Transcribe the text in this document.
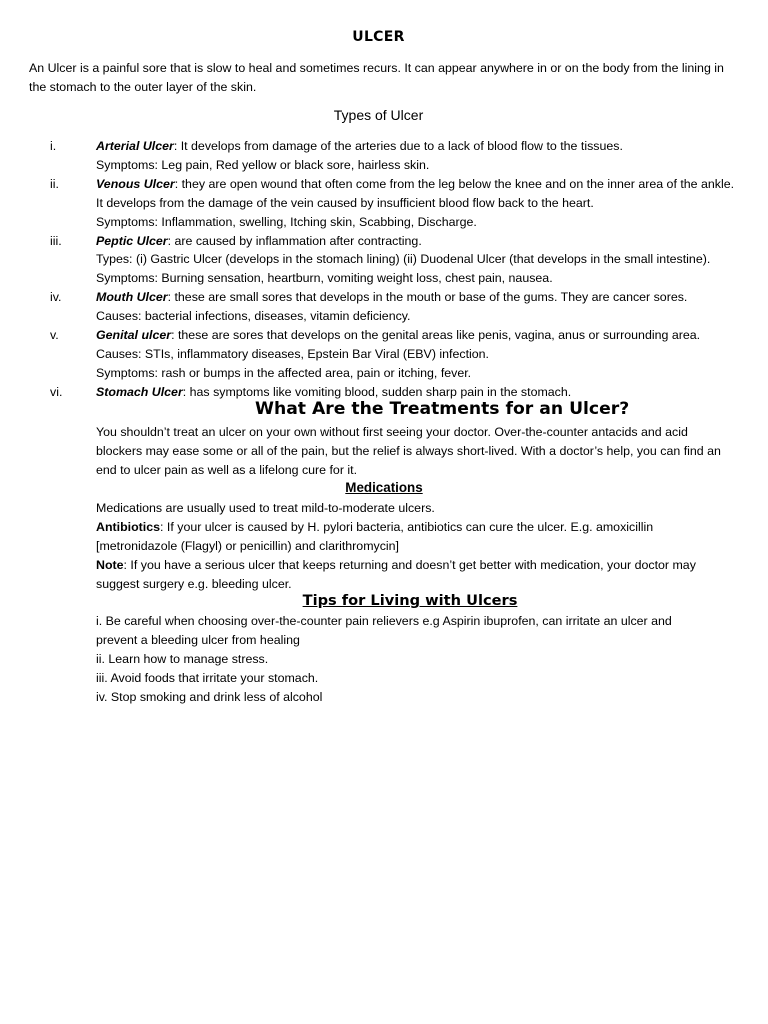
ULCER

An Ulcer is a painful sore that is slow to heal and sometimes recurs. It can appear anywhere in or on the body from the lining in the stomach to the outer layer of the skin.

Types of Ulcer
i.	Arterial Ulcer: It develops from damage of the arteries due to a lack of blood flow to the tissues.
Symptoms: Leg pain, Red yellow or black sore, hairless skin.
ii.	Venous Ulcer: they are open wound that often come from the leg below the knee and on the inner area of the ankle. It develops from the damage of the vein caused by insufficient blood flow back to the heart.
Symptoms: Inflammation, swelling, Itching skin, Scabbing, Discharge.
iii.	Peptic Ulcer: are caused by inflammation after contracting.
Types: (i) Gastric Ulcer (develops in the stomach lining) (ii) Duodenal Ulcer (that develops in the small intestine).
Symptoms: Burning sensation, heartburn, vomiting weight loss, chest pain, nausea.
iv.	Mouth Ulcer: these are small sores that develops in the mouth or base of the gums. They are cancer sores.
Causes: bacterial infections, diseases, vitamin deficiency.
v.	Genital ulcer: these are sores that develops on the genital areas like penis, vagina, anus or surrounding area.
Causes: STIs, inflammatory diseases, Epstein Bar Viral (EBV) infection.
Symptoms: rash or bumps in the affected area, pain or itching, fever.
vi.	Stomach Ulcer: has symptoms like vomiting blood, sudden sharp pain in the stomach.
What Are the Treatments for an Ulcer?

You shouldn’t treat an ulcer on your own without first seeing your doctor. Over-the-counter antacids and acid blockers may ease some or all of the pain, but the relief is always short-lived. With a doctor’s help, you can find an end to ulcer pain as well as a lifelong cure for it.

Medications

Medications are usually used to treat mild-to-moderate ulcers.

Antibiotics: If your ulcer is caused by H. pylori bacteria, antibiotics can cure the ulcer. E.g. amoxicillin [metronidazole (Flagyl) or penicillin) and clarithromycin]

Note: If you have a serious ulcer that keeps returning and doesn’t get better with medication, your doctor may suggest surgery e.g. bleeding ulcer.

Tips for Living with Ulcers

i. Be careful when choosing over-the-counter pain relievers e.g Aspirin ibuprofen, can irritate an ulcer and prevent a bleeding ulcer from healing

ii. Learn how to manage stress.

iii. Avoid foods that irritate your stomach.

iv. Stop smoking and drink less of alcohol
